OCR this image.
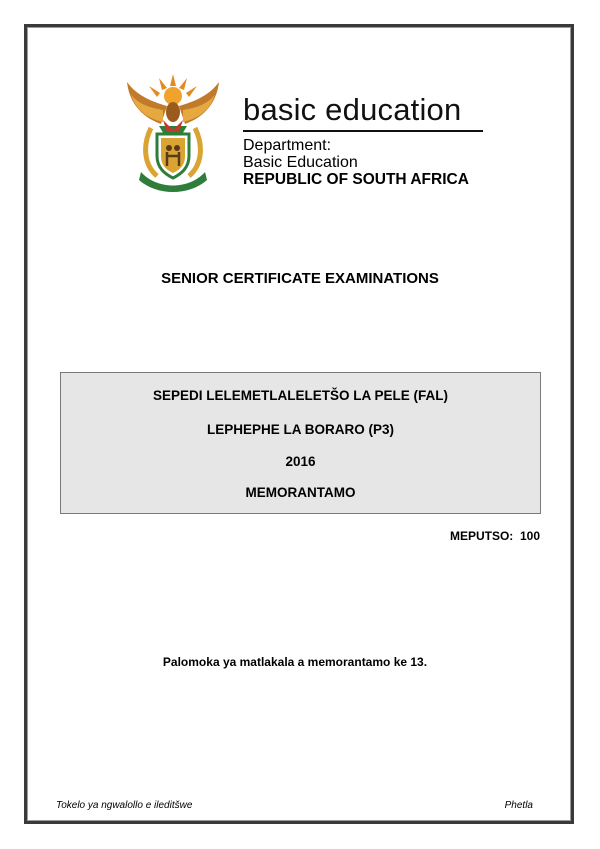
basic education
Department:
Basic Education
REPUBLIC OF SOUTH AFRICA
SENIOR CERTIFICATE EXAMINATIONS
SEPEDI LELEMETLALELETŠO LA PELE (FAL)
LEPHEPHE LA BORARO (P3)
2016
MEMORANTAMO
MEPUTSO: 100
Palomoka ya matlakala a memorantamo ke 13.
Tokelo ya ngwalollo e ileditšwe	Phetla
